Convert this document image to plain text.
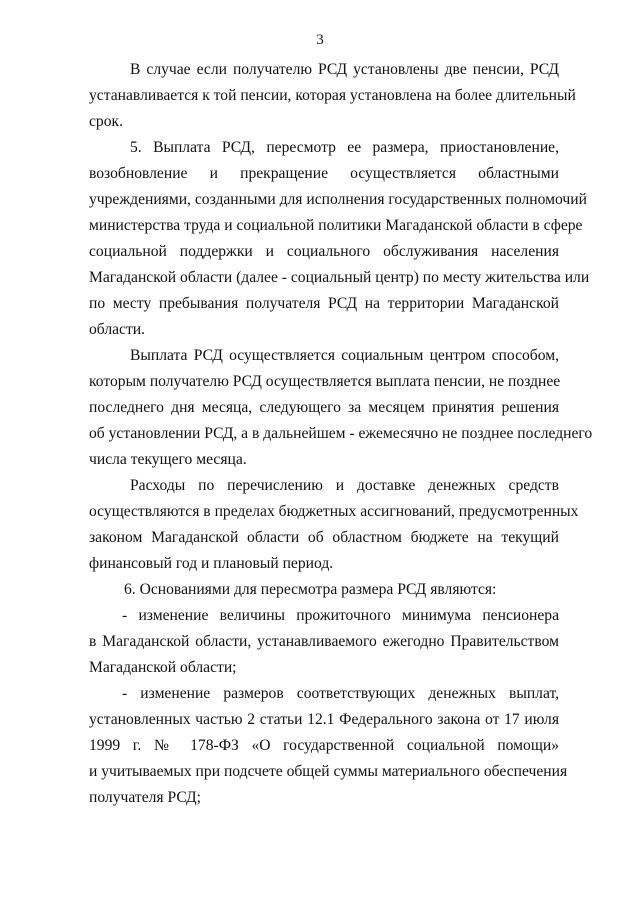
3
В случае если получателю РСД установлены две пенсии, РСД
устанавливается к той пенсии, которая установлена на более длительный
срок.
5. Выплата РСД, пересмотр ее размера, приостановление,
возобновление и прекращение осуществляется областными
учреждениями, созданными для исполнения государственных полномочий
министерства труда и социальной политики Магаданской области в сфере
социальной поддержки и социального обслуживания населения
Магаданской области (далее - социальный центр) по месту жительства или
по месту пребывания получателя РСД на территории Магаданской
области.
Выплата РСД осуществляется социальным центром способом,
которым получателю РСД осуществляется выплата пенсии, не позднее
последнего дня месяца, следующего за месяцем принятия решения
об установлении РСД, а в дальнейшем - ежемесячно не позднее последнего
числа текущего месяца.
Расходы по перечислению и доставке денежных средств
осуществляются в пределах бюджетных ассигнований, предусмотренных
законом Магаданской области об областном бюджете на текущий
финансовый год и плановый период.
6. Основаниями для пересмотра размера РСД являются:
- изменение величины прожиточного минимума пенсионера
в Магаданской области, устанавливаемого ежегодно Правительством
Магаданской области;
- изменение размеров соответствующих денежных выплат,
установленных частью 2 статьи 12.1 Федерального закона от 17 июля
1999 г. № 178-ФЗ «О государственной социальной помощи»
и учитываемых при подсчете общей суммы материального обеспечения
получателя РСД;
